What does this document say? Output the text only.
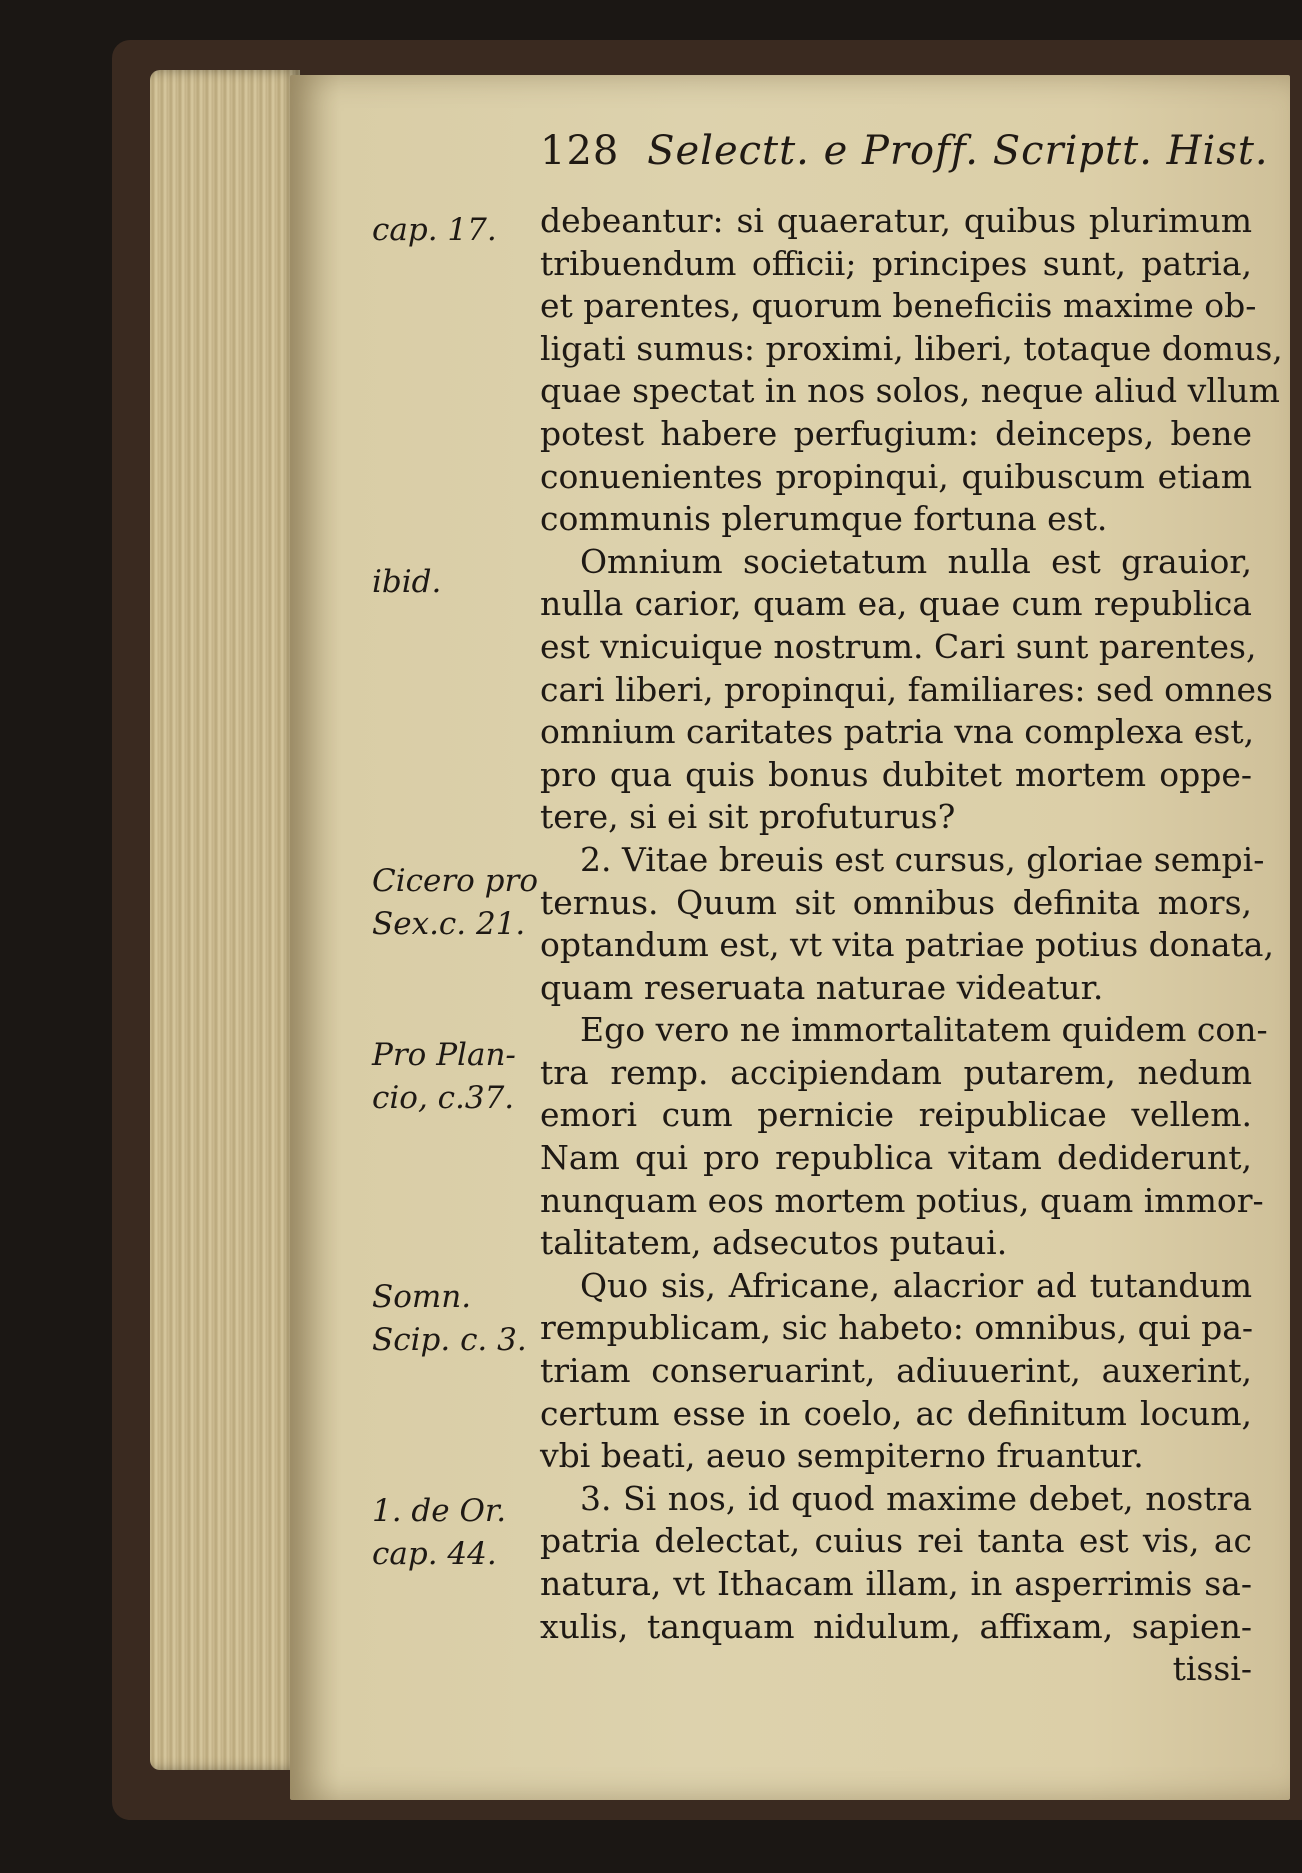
128 Selectt. e Proff. Scriptt. Hist.
cap. 17.
ibid.
Cicero pro
Sex.c. 21.
Pro Plan-
cio, c.37.
Somn.
Scip. c. 3.
1. de Or.
cap. 44.
debeantur: si quaeratur, quibus plurimum
tribuendum officii; principes sunt, patria,
et parentes, quorum beneficiis maxime ob-
ligati sumus: proximi, liberi, totaque domus,
quae spectat in nos solos, neque aliud vllum
potest habere perfugium: deinceps, bene
conuenientes propinqui, quibuscum etiam
communis plerumque fortuna est.
Omnium societatum nulla est grauior,
nulla carior, quam ea, quae cum republica
est vnicuique nostrum. Cari sunt parentes,
cari liberi, propinqui, familiares: sed omnes
omnium caritates patria vna complexa est,
pro qua quis bonus dubitet mortem oppe-
tere, si ei sit profuturus?
2. Vitae breuis est cursus, gloriae sempi-
ternus. Quum sit omnibus definita mors,
optandum est, vt vita patriae potius donata,
quam reseruata naturae videatur.
Ego vero ne immortalitatem quidem con-
tra remp. accipiendam putarem, nedum
emori cum pernicie reipublicae vellem.
Nam qui pro republica vitam dediderunt,
nunquam eos mortem potius, quam immor-
talitatem, adsecutos putaui.
Quo sis, Africane, alacrior ad tutandum
rempublicam, sic habeto: omnibus, qui pa-
triam conseruarint, adiuuerint, auxerint,
certum esse in coelo, ac definitum locum,
vbi beati, aeuo sempiterno fruantur.
3. Si nos, id quod maxime debet, nostra
patria delectat, cuius rei tanta est vis, ac
natura, vt Ithacam illam, in asperrimis sa-
xulis, tanquam nidulum, affixam, sapien-
tissi-
